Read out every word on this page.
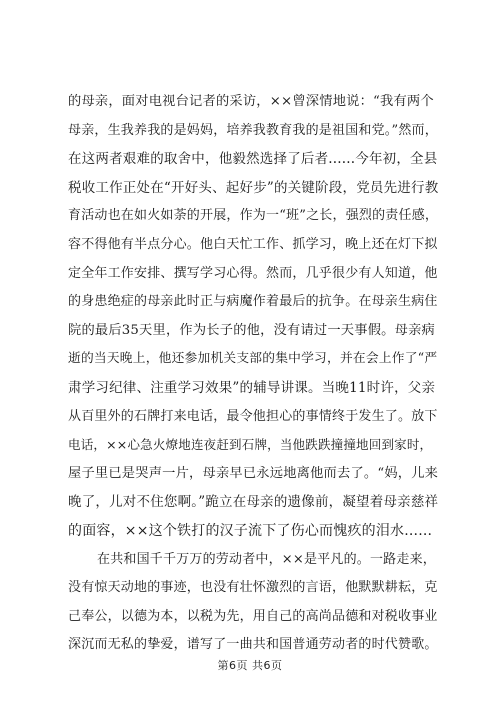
的母亲，面对电视台记者的采访，××曾深情地说：“我有两个
母亲，生我养我的是妈妈，培养我教育我的是祖国和党。”然而，
在这两者艰难的取舍中，他毅然选择了后者......今年初，全县
税收工作正处在“开好头、起好步”的关键阶段，党员先进行教
育活动也在如火如荼的开展，作为一“班”之长，强烈的责任感，
容不得他有半点分心。他白天忙工作、抓学习，晚上还在灯下拟
定全年工作安排、撰写学习心得。然而，几乎很少有人知道，他
的身患绝症的母亲此时正与病魔作着最后的抗争。在母亲生病住
院的最后35天里，作为长子的他，没有请过一天事假。母亲病
逝的当天晚上，他还参加机关支部的集中学习，并在会上作了“严
肃学习纪律、注重学习效果”的辅导讲课。当晚11时许，父亲
从百里外的石牌打来电话，最令他担心的事情终于发生了。放下
电话，××心急火燎地连夜赶到石牌，当他跌跌撞撞地回到家时，
屋子里已是哭声一片，母亲早已永远地离他而去了。“妈，儿来
晚了，儿对不住您啊。”跪立在母亲的遗像前，凝望着母亲慈祥
的面容，××这个铁打的汉子流下了伤心而愧疚的泪水......
在共和国千千万万的劳动者中，××是平凡的。一路走来，
没有惊天动地的事迹，也没有壮怀激烈的言语，他默默耕耘，克
己奉公，以德为本，以税为先，用自己的高尚品德和对税收事业
深沉而无私的挚爱，谱写了一曲共和国普通劳动者的时代赞歌。
第6页 共6页
